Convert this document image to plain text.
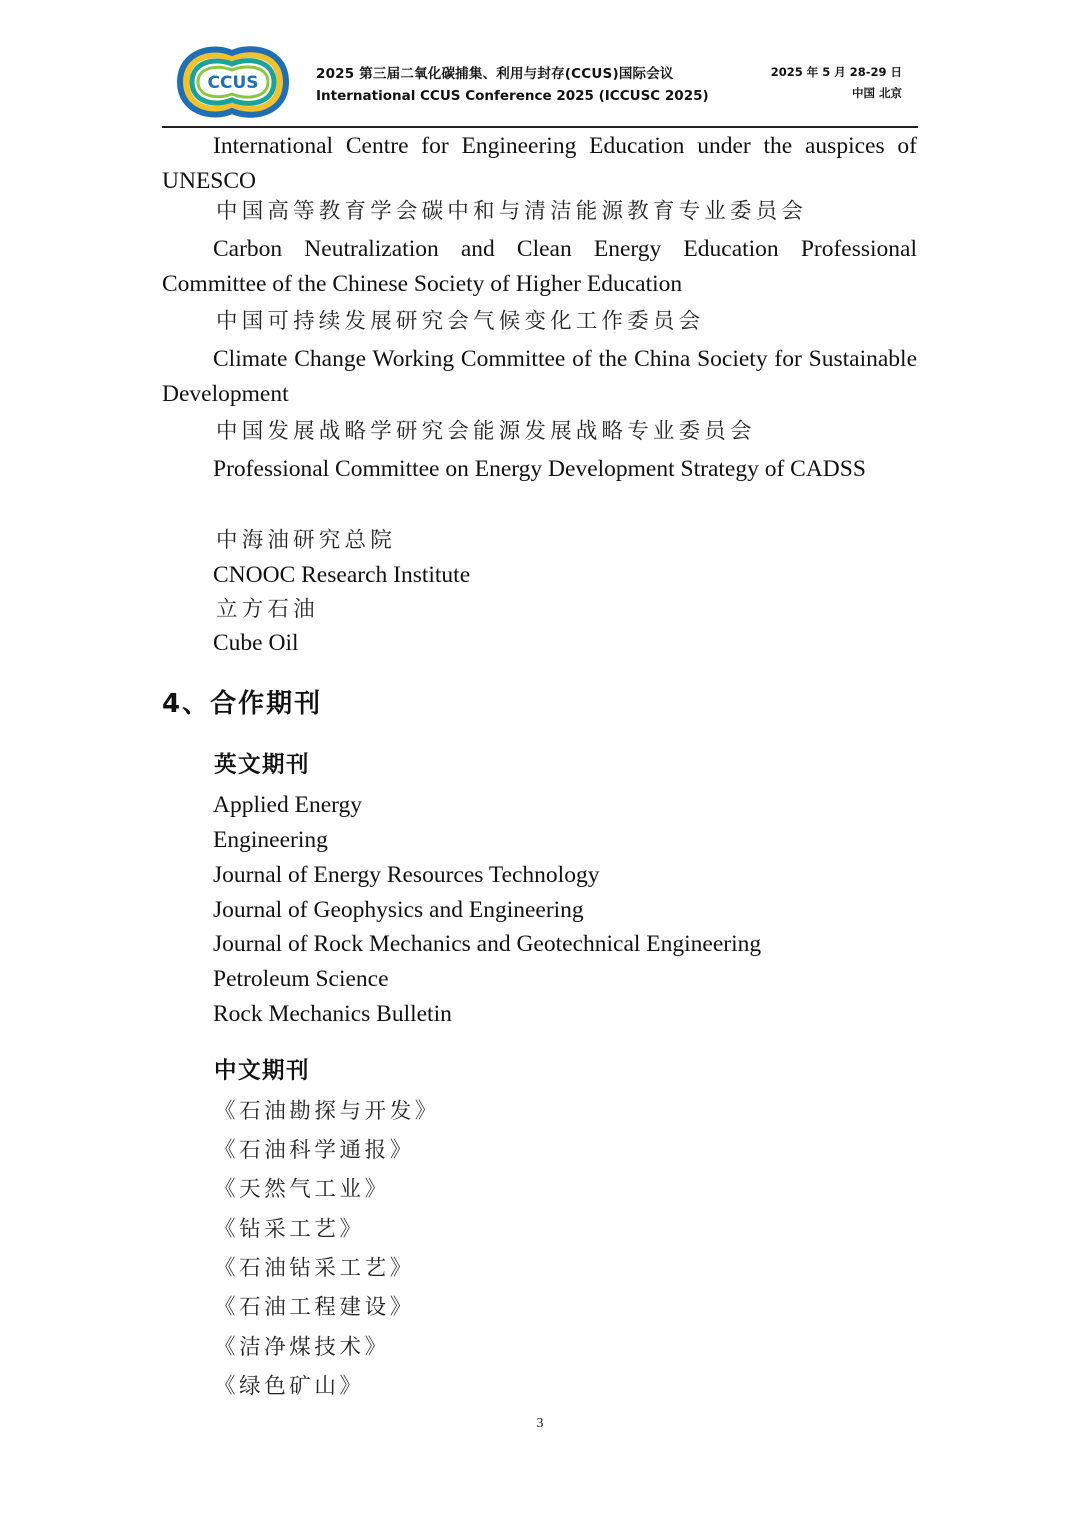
CCUS	2025 第三届二氧化碳捕集、利用与封存(CCUS)国际会议
International CCUS Conference 2025 (ICCUSC 2025)
2025 年 5 月 28-29 日
中国 北京

International Centre for Engineering Education under the auspices of UNESCO

中国高等教育学会碳中和与清洁能源教育专业委员会

Carbon Neutralization and Clean Energy Education Professional Committee of the Chinese Society of Higher Education

中国可持续发展研究会气候变化工作委员会

Climate Change Working Committee of the China Society for Sustainable Development

中国发展战略学研究会能源发展战略专业委员会

Professional Committee on Energy Development Strategy of CADSS

中海油研究总院
CNOOC Research Institute
立方石油
Cube Oil
4、合作期刊
英文期刊
Applied Energy
Engineering
Journal of Energy Resources Technology
Journal of Geophysics and Engineering
Journal of Rock Mechanics and Geotechnical Engineering
Petroleum Science
Rock Mechanics Bulletin
中文期刊
《石油勘探与开发》
《石油科学通报》
《天然气工业》
《钻采工艺》
《石油钻采工艺》
《石油工程建设》
《洁净煤技术》
《绿色矿山》
3
